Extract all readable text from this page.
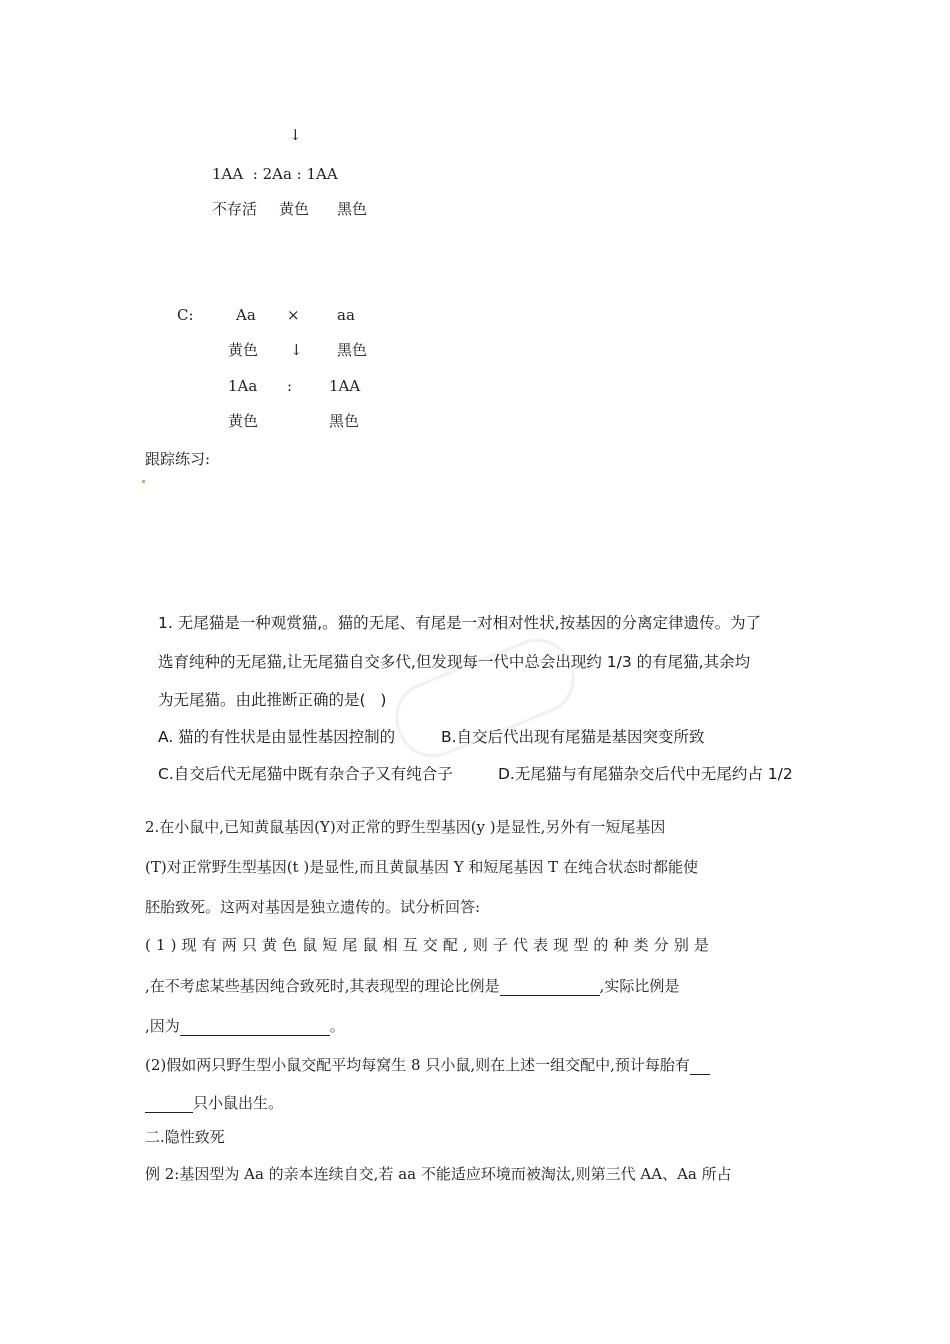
↓
1AA  : 2Aa : 1AA
不存活 黄色 黑色
C:	Aa × aa
黄色 ↓ 黑色
1Aa : 1AA
黄色	黑色
跟踪练习:
1. 无尾猫是一种观赏猫,。猫的无尾、有尾是一对相对性状,按基因的分离定律遗传。为了
选育纯种的无尾猫,让无尾猫自交多代,但发现每一代中总会出现约 1/3 的有尾猫,其余均
为无尾猫。由此推断正确的是(   )
A. 猫的有性状是由显性基因控制的	B.自交后代出现有尾猫是基因突变所致
C.自交后代无尾猫中既有杂合子又有纯合子	D.无尾猫与有尾猫杂交后代中无尾约占 1/2
2.在小鼠中,已知黄鼠基因(Y)对正常的野生型基因(y )是显性,另外有一短尾基因
(T)对正常野生型基因(t )是显性,而且黄鼠基因 Y 和短尾基因 T 在纯合状态时都能使
胚胎致死。这两对基因是独立遗传的。试分析回答:
(1)现有两只黄色鼠短尾鼠相互交配,则子代表现型的种类分别是
,在不考虑某些基因纯合致死时,其表现型的理论比例是	,实际比例是
,因为	。
(2)假如两只野生型小鼠交配平均每窝生 8 只小鼠,则在上述一组交配中,预计每胎有
只小鼠出生。
二.隐性致死
例 2:基因型为 Aa 的亲本连续自交,若 aa 不能适应环境而被淘汰,则第三代 AA、Aa 所占
